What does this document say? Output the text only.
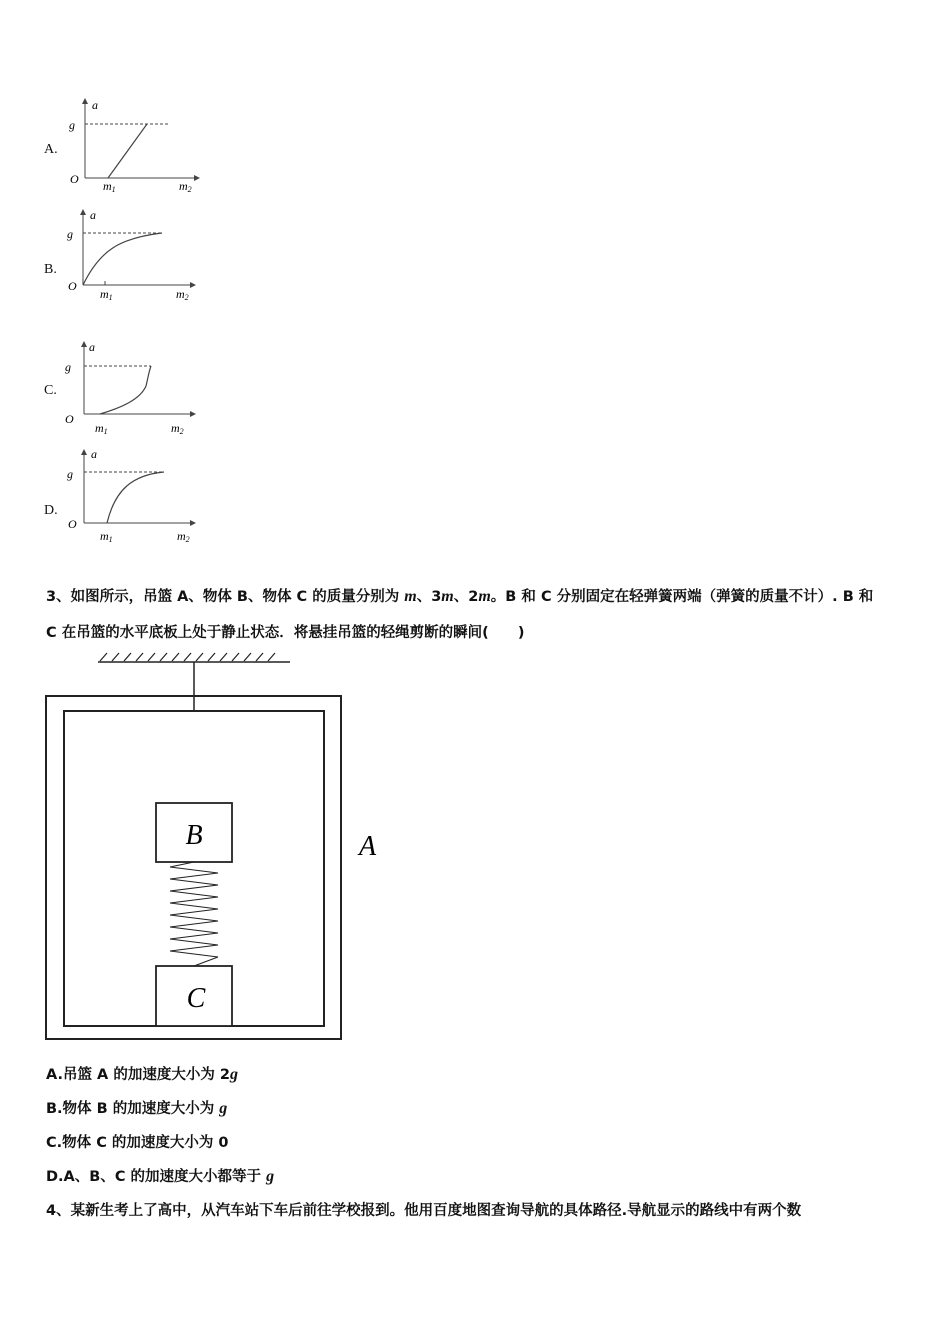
A.
a
g
O m1	m2
B.
a
g
O
m1	m2
C.
a
g
O
m1	m2
D.
a
g
O
m1	m2
3、如图所示，吊篮 A、物体 B、物体 C 的质量分别为 m、3m、2m。B 和 C 分别固定在轻弹簧两端（弹簧的质量不计）. B 和
C 在吊篮的水平底板上处于静止状态．将悬挂吊篮的轻绳剪断的瞬间(　　)
B
C
A
A.吊篮 A 的加速度大小为 2g
B.物体 B 的加速度大小为 g
C.物体 C 的加速度大小为 0
D.A、B、C 的加速度大小都等于 g
4、某新生考上了高中，从汽车站下车后前往学校报到。他用百度地图查询导航的具体路径.导航显示的路线中有两个数
